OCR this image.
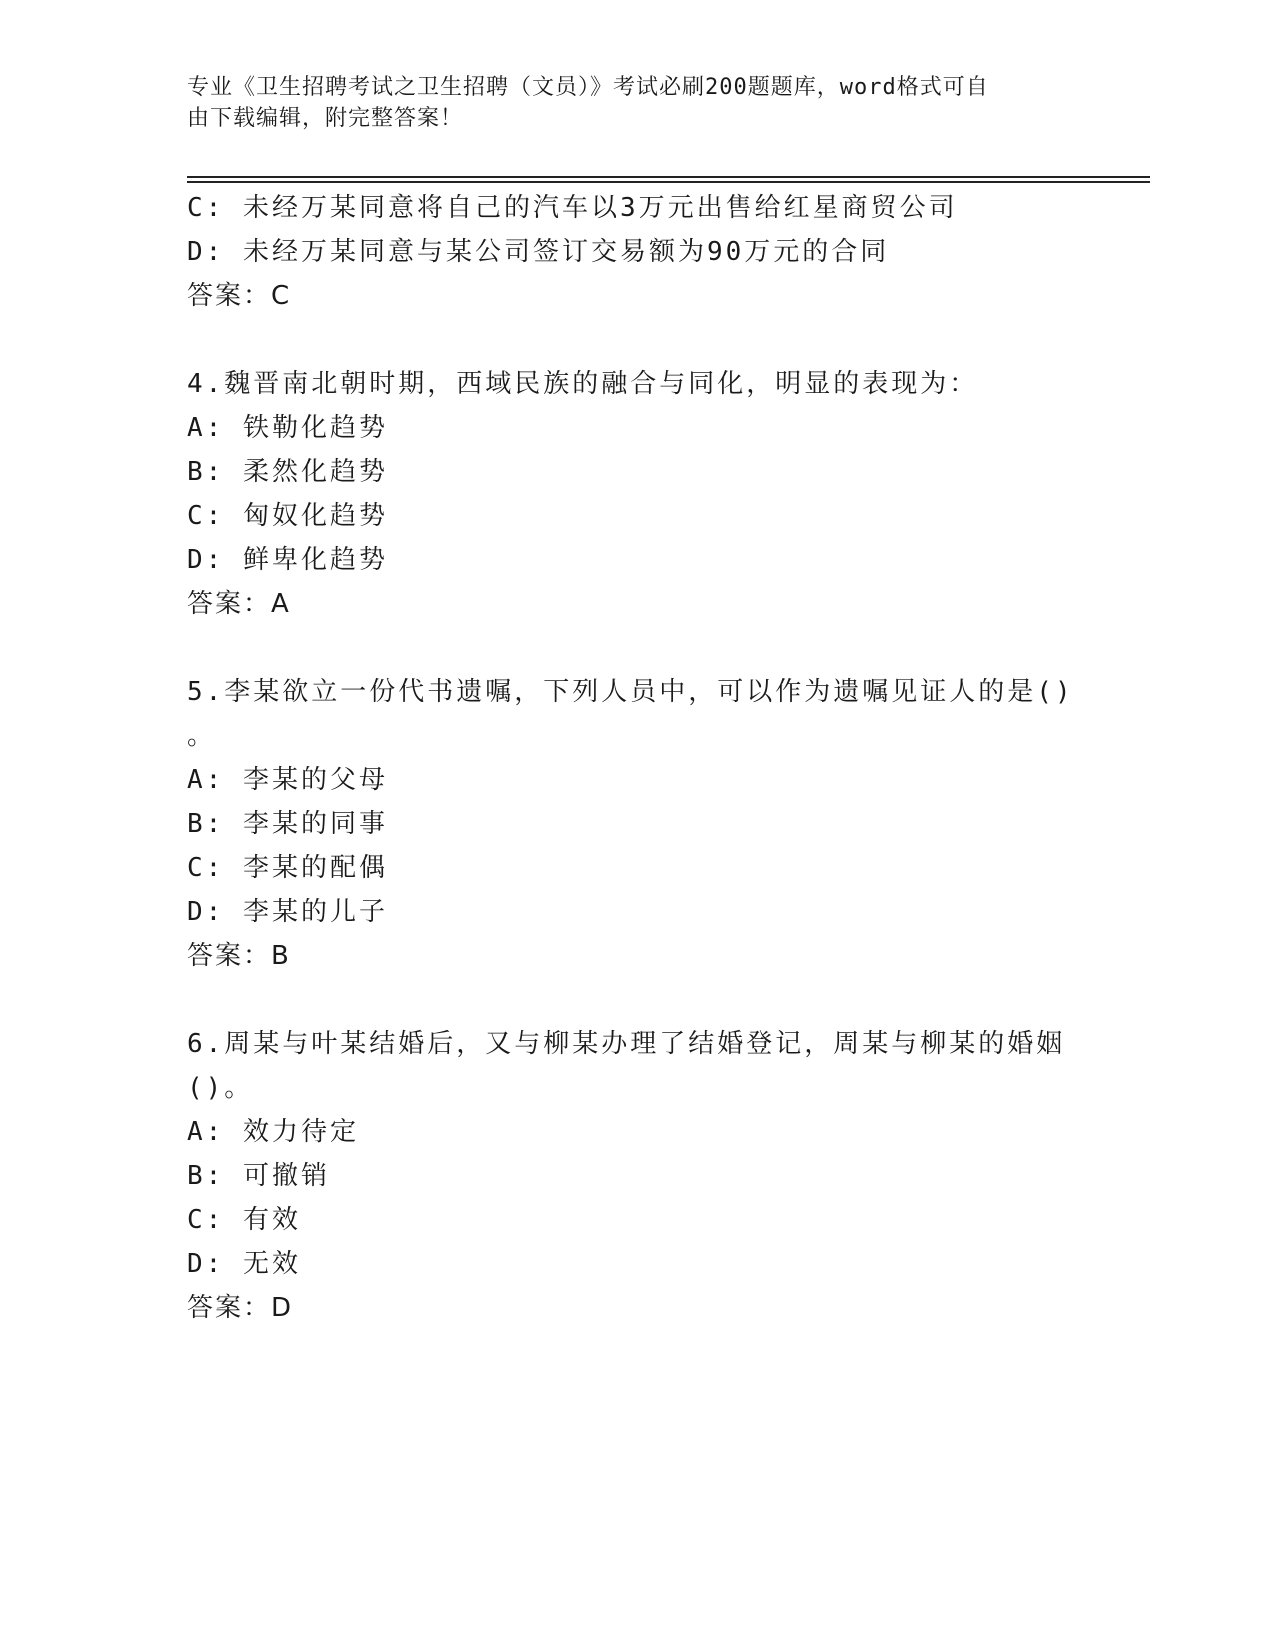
专业《卫生招聘考试之卫生招聘（文员）》考试必刷200题题库，word格式可自
由下载编辑，附完整答案！
C: 未经万某同意将自己的汽车以3万元出售给红星商贸公司
D: 未经万某同意与某公司签订交易额为90万元的合同
答案：C
4.魏晋南北朝时期，西域民族的融合与同化，明显的表现为：
A: 铁勒化趋势
B: 柔然化趋势
C: 匈奴化趋势
D: 鲜卑化趋势
答案：A
5.李某欲立一份代书遗嘱，下列人员中，可以作为遗嘱见证人的是()
。
A: 李某的父母
B: 李某的同事
C: 李某的配偶
D: 李某的儿子
答案：B
6.周某与叶某结婚后，又与柳某办理了结婚登记，周某与柳某的婚姻
()。
A: 效力待定
B: 可撤销
C: 有效
D: 无效
答案：D
